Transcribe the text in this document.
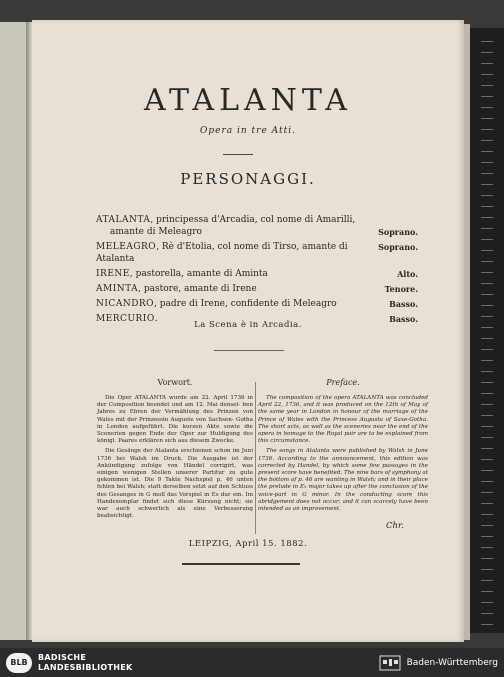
ATALANTA
Opera in tre Atti.
PERSONAGGI.
ATALANTA, principessa d'Arcadia, col nome di Amarilli,
amante di Meleagro	Soprano.
MELEAGRO, Rè d'Etolia, col nome di Tirso, amante di Atalanta
Soprano.
IRENE, pastorella, amante di Aminta	Alto.
AMINTA, pastore, amante di Irene	Tenore.
NICANDRO, padre di Irene, confidente di Meleagro	Basso.
MERCURIO.	Basso.
La Scena è in Arcadia.
Vorwort.

Die Oper ATALANTA wurde am 22. April 1736 in der Composition beendet und am 12. Mai densel- ben Jahres zu Ehren der Vermählung des Prinzen von Wales mit der Prinzessin Auguste von Sachsen- Gotha in London aufgeführt. Die kurzen Akte sowie die Scenerien gegen Ende der Oper zur Huldigung des königl. Paares erklären sich aus diesem Zwecke.

Die Gesänge der Atalanta erschienen schon im Juni 1736 bei Walsh im Druck. Die Ausgabe ist der Ankündigung zufolge von Händel corrigirt, was einigen wenigen Stellen unserer Partitur zu gute gekommen ist. Die 9 Takte Nachspiel p. 46 unten fehlen bei Walsh; statt derselben setzt auf den Schluss des Gesanges in G moll das Vorspiel in Es dur ein. Im Handexemplar findet sich diese Kürzung nicht; sie war auch schwerlich als eine Verbesserung beabsichtigt.

Preface.

The composition of the opera ATALANTA was concluded April 22, 1736, and it was produced on the 12th of May of the same year in London in honour of the marriage of the Prince of Wales with the Princess Augusta of Saxe-Gotha. The short acts, as well as the sceneries near the end of the opera in homage to the Royal pair are to be explained from this circumstance.

The songs in Atalanta were published by Walsh in June 1736. According to the announcement, this edition was corrected by Handel, by which some few passages in the present score have benefited. The nine bars of symphony at the bottom of p. 46 are wanting in Walsh; and in their place the prelude in E♭ major takes up after the conclusion of the voice-part in G minor. In the conducting score this abridgement does not occur; and it can scarcely have been intended as an improvement.

Chr.
LEIPZIG, April 15. 1882.
BLB
BADISCHE
LANDESBIBLIOTHEK	Baden-Württemberg
